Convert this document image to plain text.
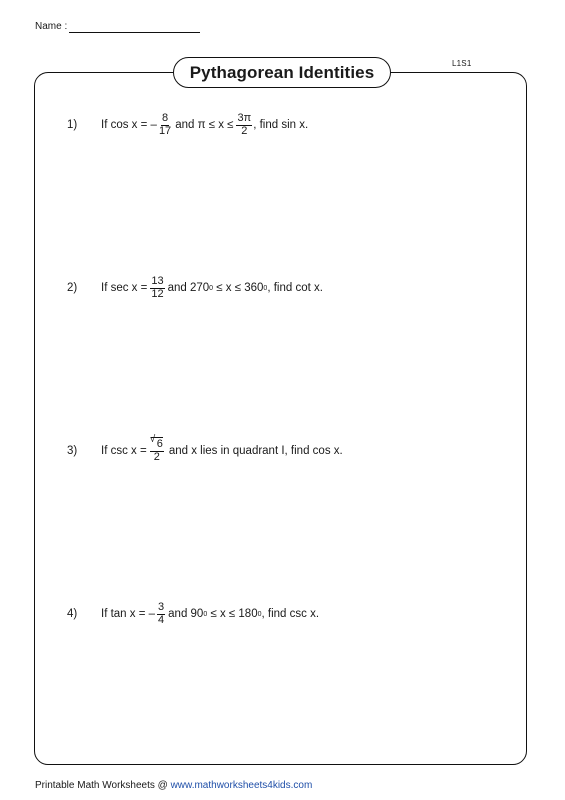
Name :
L1S1
Pythagorean Identities
1)	If cos x = – $\frac{8}{17}$ and $\pi \le x \le \frac{3\pi}{2}$ , find sin x.
2)	If $\sec x = \frac{13}{12}$ and 270 0 ≤ x ≤ 360 0 , find cot x.
3)	If csc x =
√ $\frac{6}{2}$ and x lies in quadrant I, find cos x.
4)	If tan x = – $\frac{3}{4}$ and 90 0 ≤ x ≤ 180 0 , find csc x.
Printable Math Worksheets @ www.mathworksheets4kids.com
